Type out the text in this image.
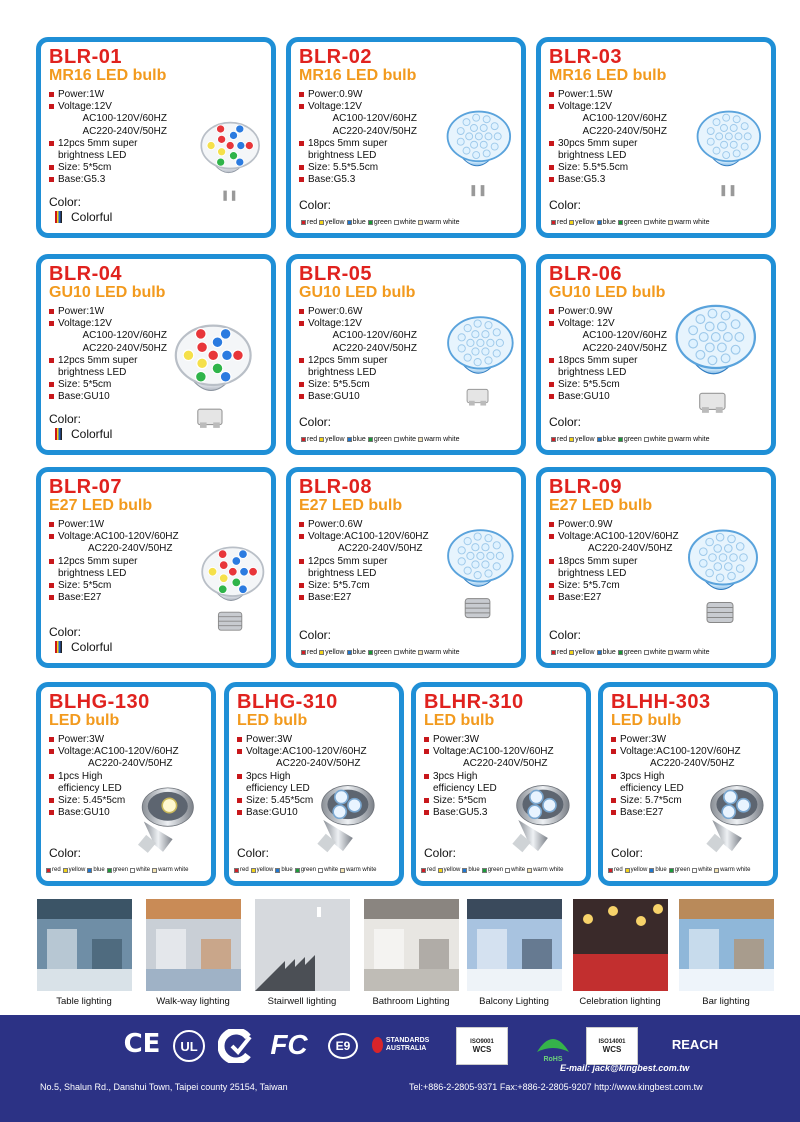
BLR-01
MR16 LED bulb
Power:1W
Voltage:12V
AC100-120V/60HZ
AC220-240V/50HZ
12pcs 5mm super
brightness LED
Size: 5*5cm
Base:G5.3
Color:
Colorful
BLR-02
MR16 LED bulb
Power:0.9W
Voltage:12V
AC100-120V/60HZ
AC220-240V/50HZ
18pcs 5mm super
brightness LED
Size: 5.5*5.5cm
Base:G5.3
Color:
red yellow blue green white warm white
BLR-03
MR16 LED bulb
Power:1.5W
Voltage:12V
AC100-120V/60HZ
AC220-240V/50HZ
30pcs 5mm super
brightness LED
Size: 5.5*5.5cm
Base:G5.3
Color:
red yellow blue green white warm white
BLR-04
GU10 LED bulb
Power:1W
Voltage:12V
AC100-120V/60HZ
AC220-240V/50HZ
12pcs 5mm super
brightness LED
Size: 5*5cm
Base:GU10
Color:
Colorful
BLR-05
GU10 LED bulb
Power:0.6W
Voltage:12V
AC100-120V/60HZ
AC220-240V/50HZ
12pcs 5mm super
brightness LED
Size: 5*5.5cm
Base:GU10
Color:
red yellow blue green white warm white
BLR-06
GU10 LED bulb
Power:0.9W
Voltage: 12V
AC100-120V/60HZ
AC220-240V/50HZ
18pcs 5mm super
brightness LED
Size: 5*5.5cm
Base:GU10
Color:
red yellow blue green white warm white
BLR-07
E27 LED bulb
Power:1W
Voltage:AC100-120V/60HZ
AC220-240V/50HZ
12pcs 5mm super
brightness LED
Size: 5*5cm
Base:E27
Color:
Colorful
BLR-08
E27 LED bulb
Power:0.6W
Voltage:AC100-120V/60HZ
AC220-240V/50HZ
12pcs 5mm super
brightness LED
Size: 5*5.7cm
Base:E27
Color:
red yellow blue green white warm white
BLR-09
E27 LED bulb
Power:0.9W
Voltage:AC100-120V/60HZ
AC220-240V/50HZ
18pcs 5mm super
brightness LED
Size: 5*5.7cm
Base:E27
Color:
red yellow blue green white warm white
BLHG-130
LED bulb
Power:3W
Voltage:AC100-120V/60HZ
AC220-240V/50HZ
1pcs High
efficiency LED
Size: 5.45*5cm
Base:GU10
Color:
red yellow blue green white warm white
BLHG-310
LED bulb
Power:3W
Voltage:AC100-120V/60HZ
AC220-240V/50HZ
3pcs High
efficiency LED
Size: 5.45*5cm
Base:GU10
Color:
red yellow blue green white warm white
BLHR-310
LED bulb
Power:3W
Voltage:AC100-120V/60HZ
AC220-240V/50HZ
3pcs High
efficiency LED
Size: 5*5cm
Base:GU5.3
Color:
red yellow blue green white warm white
BLHH-303
LED bulb
Power:3W
Voltage:AC100-120V/60HZ
AC220-240V/50HZ
3pcs High
efficiency LED
Size: 5.7*5cm
Base:E27
Color:
red yellow blue green white warm white
Table lighting	Walk-way lighting	Stairwell lighting	Bathroom Lighting	Balcony Lighting	Celebration lighting	Bar lighting
CE	UL	FC	E9	STANDARDS AUSTRALIA
ISO9001
WCS
RoHS
ISO14001
WCS	REACH
E-mail: jack@kingbest.com.tw
No.5, Shalun Rd., Danshui Town, Taipei county 25154, Taiwan	Tel:+886-2-2805-9371 Fax:+886-2-2805-9207 http://www.kingbest.com.tw
